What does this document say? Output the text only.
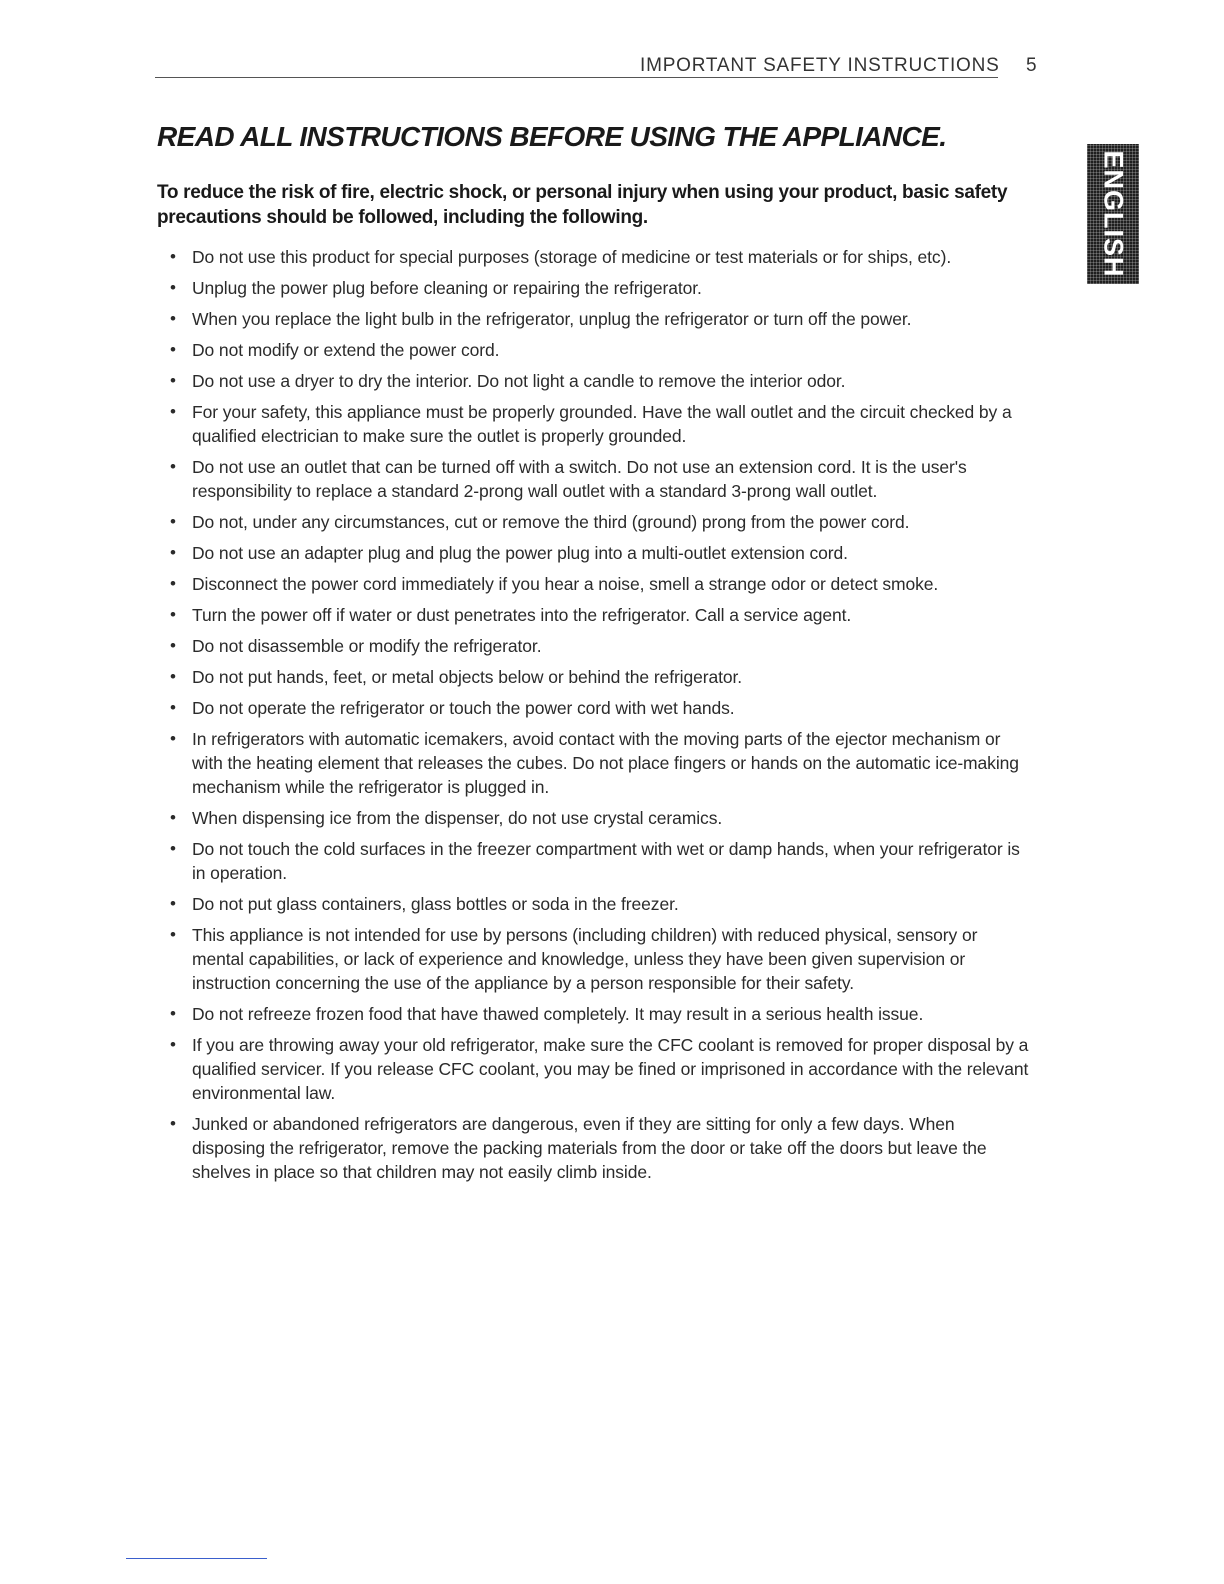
IMPORTANT SAFETY INSTRUCTIONS 5
READ ALL INSTRUCTIONS BEFORE USING THE APPLIANCE.

To reduce the risk of fire, electric shock, or personal injury when using your product, basic safety precautions should be followed, including the following.	ENGLISH
• Do not use this product for special purposes (storage of medicine or test materials or for ships, etc).
• Unplug the power plug before cleaning or repairing the refrigerator.
• When you replace the light bulb in the refrigerator, unplug the refrigerator or turn off the power.
• Do not modify or extend the power cord.
• Do not use a dryer to dry the interior. Do not light a candle to remove the interior odor.
• For your safety, this appliance must be properly grounded. Have the wall outlet and the circuit checked by a qualified electrician to make sure the outlet is properly grounded.
• Do not use an outlet that can be turned off with a switch. Do not use an extension cord. It is the user's responsibility to replace a standard 2-prong wall outlet with a standard 3-prong wall outlet.
• Do not, under any circumstances, cut or remove the third (ground) prong from the power cord.
• Do not use an adapter plug and plug the power plug into a multi-outlet extension cord.
• Disconnect the power cord immediately if you hear a noise, smell a strange odor or detect smoke.
• Turn the power off if water or dust penetrates into the refrigerator. Call a service agent.
• Do not disassemble or modify the refrigerator.
• Do not put hands, feet, or metal objects below or behind the refrigerator.
• Do not operate the refrigerator or touch the power cord with wet hands.
• In refrigerators with automatic icemakers, avoid contact with the moving parts of the ejector mechanism or with the heating element that releases the cubes. Do not place fingers or hands on the automatic ice-making mechanism while the refrigerator is plugged in.
• When dispensing ice from the dispenser, do not use crystal ceramics.
• Do not touch the cold surfaces in the freezer compartment with wet or damp hands, when your refrigerator is in operation.
• Do not put glass containers, glass bottles or soda in the freezer.
• This appliance is not intended for use by persons (including children) with reduced physical, sensory or mental capabilities, or lack of experience and knowledge, unless they have been given supervision or instruction concerning the use of the appliance by a person responsible for their safety.
• Do not refreeze frozen food that have thawed completely. It may result in a serious health issue.
• If you are throwing away your old refrigerator, make sure the CFC coolant is removed for proper disposal by a qualified servicer. If you release CFC coolant, you may be fined or imprisoned in accordance with the relevant environmental law.
• Junked or abandoned refrigerators are dangerous, even if they are sitting for only a few days. When disposing the refrigerator, remove the packing materials from the door or take off the doors but leave the shelves in place so that children may not easily climb inside.
